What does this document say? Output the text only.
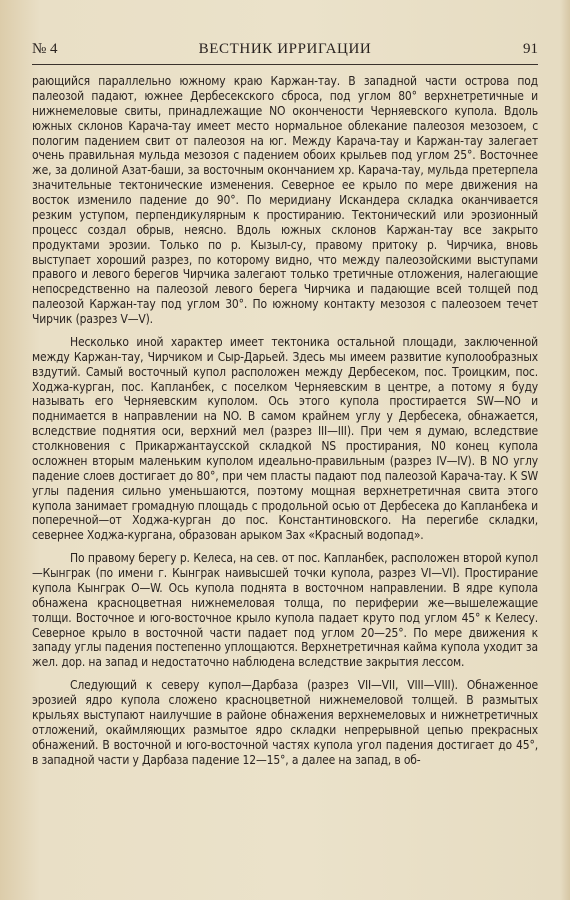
№ 4	ВЕСТНИК ИРРИГАЦИИ	91

рающийся параллельно южному краю Каржан-тау. В западной части острова под палеозой падают, южнее Дербесекского сброса, под углом 80° верхнетретичные и нижнемеловые свиты, принадлежащие NO окончености Черняевского купола. Вдоль южных склонов Карача-тау имеет место нормальное облекание палеозоя мезозоем, с пологим падением свит от палеозоя на юг. Между Карача-тау и Каржан-тау залегает очень правильная мульда мезозоя с падением обоих крыльев под углом 25°. Восточнее же, за долиной Азат-баши, за восточным окончанием хр. Карача-тау, мульда претерпела значительные тектонические изменения. Северное ее крыло по мере движения на восток изменило падение до 90°. По меридиану Искандера складка оканчивается резким уступом, перпендикулярным к простиранию. Тектонический или эрозионный процесс создал обрыв, неясно. Вдоль южных склонов Каржан-тау все закрыто продуктами эрозии. Только по р. Кызыл-су, правому притоку р. Чирчика, вновь выступает хороший разрез, по которому видно, что между палеозойскими выступами правого и левого берегов Чирчика залегают только третичные отложения, налегающие непосредственно на палеозой левого берега Чирчика и падающие всей толщей под палеозой Каржан-тау под углом 30°. По южному контакту мезозоя с палеозоем течет Чирчик (разрез V—V).

Несколько иной характер имеет тектоника остальной площади, заключенной между Каржан-тау, Чирчиком и Сыр-Дарьей. Здесь мы имеем развитие куполообразных вздутий. Самый восточный купол расположен между Дербесеком, пос. Троицким, пос. Ходжа-курган, пос. Капланбек, с поселком Черняевским в центре, а потому я буду называть его Черняевским куполом. Ось этого купола простирается SW—NO и поднимается в направлении на NO. В самом крайнем углу у Дербесека, обнажается, вследствие поднятия оси, верхний мел (разрез III—III). При чем я думаю, вследствие столкновения с Прикаржантауcской складкой NS простирания, N0 конец купола осложнен вторым маленьким куполом идеально-правильным (разрез IV—IV). В NO углу падение слоев достигает до 80°, при чем пласты падают под палеозой Карача-тау. К SW углы падения сильно уменьшаются, поэтому мощная верхнетретичная свита этого купола занимает громадную площадь с продольной осью от Дербесека до Капланбека и поперечной—от Ходжа-курган до пос. Константиновского. На перегибе складки, севернее Ходжа-кургана, образован арыком Зах «Красный водопад».

По правому берегу р. Келеса, на сев. от пос. Капланбек, расположен второй купол—Кынграк (по имени г. Кынграк наивысшей точки купола, разрез VI—VI). Простирание купола Кынграк O—W. Ось купола поднята в восточном направлении. В ядре купола обнажена красноцветная нижнемеловая толща, по периферии же—вышележащие толщи. Восточное и юго-восточное крыло купола падает круто под углом 45° к Келесу. Северное крыло в восточной части падает под углом 20—25°. По мере движения к западу углы падения постепенно уплощаются. Верхнетретичная кайма купола уходит за жел. дор. на запад и недостаточно наблюдена вследствие закрытия лессом.

Следующий к северу купол—Дарбаза (разрез VII—VII, VIII—VIII). Обнаженное эрозией ядро купола сложено красноцветной нижнемеловой толщей. В размытых крыльях выступают наилучшие в районе обнажения верхнемеловых и нижнетретичных отложений, окаймляющих размытое ядро складки непрерывной цепью прекрасных обнажений. В восточной и юго-восточной частях купола угол падения достигает до 45°, в западной части у Дарбаза падение 12—15°, а далее на запад, в об-
